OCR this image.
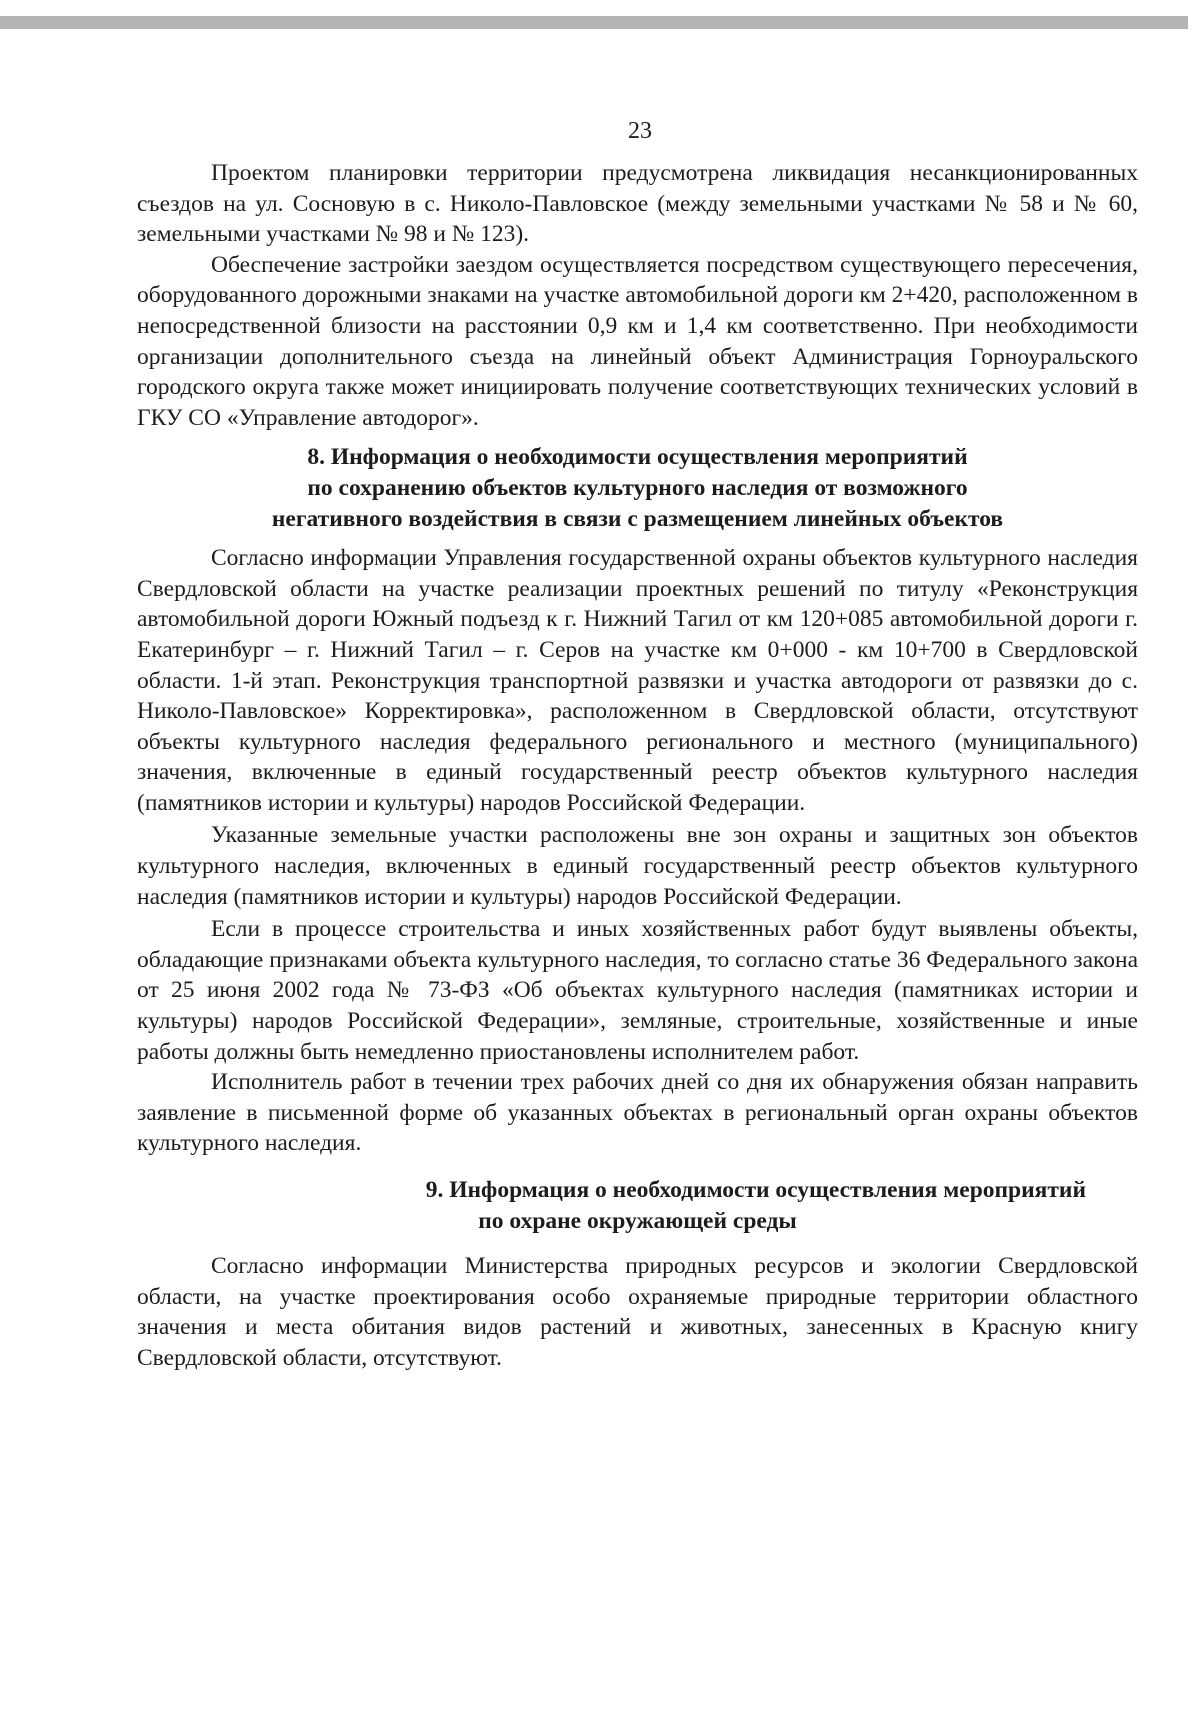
23

Проектом планировки территории предусмотрена ликвидация несанкционированных съездов на ул. Сосновую в с. Николо-Павловское (между земельными участками № 58 и № 60, земельными участками № 98 и № 123).

Обеспечение застройки заездом осуществляется посредством существующего пересечения, оборудованного дорожными знаками на участке автомобильной дороги км 2+420, расположенном в непосредственной близости на расстоянии 0,9 км и 1,4 км соответственно. При необходимости организации дополнительного съезда на линейный объект Администрация Горноуральского городского округа также может инициировать получение соответствующих технических условий в ГКУ СО «Управление автодорог».

8. Информация о необходимости осуществления мероприятий
по сохранению объектов культурного наследия от возможного
негативного воздействия в связи с размещением линейных объектов

Согласно информации Управления государственной охраны объектов культурного наследия Свердловской области на участке реализации проектных решений по титулу «Реконструкция автомобильной дороги Южный подъезд к г. Нижний Тагил от км 120+085 автомобильной дороги г. Екатеринбург – г. Нижний Тагил – г. Серов на участке км 0+000 - км 10+700 в Свердловской области. 1-й этап. Реконструкция транспортной развязки и участка автодороги от развязки до с. Николо-Павловское» Корректировка», расположенном в Свердловской области, отсутствуют объекты культурного наследия федерального регионального и местного (муниципального) значения, включенные в единый государственный реестр объектов культурного наследия (памятников истории и культуры) народов Российской Федерации.

Указанные земельные участки расположены вне зон охраны и защитных зон объектов культурного наследия, включенных в единый государственный реестр объектов культурного наследия (памятников истории и культуры) народов Российской Федерации.

Если в процессе строительства и иных хозяйственных работ будут выявлены объекты, обладающие признаками объекта культурного наследия, то согласно статье 36 Федерального закона от 25 июня 2002 года № 73-ФЗ «Об объектах культурного наследия (памятниках истории и культуры) народов Российской Федерации», земляные, строительные, хозяйственные и иные работы должны быть немедленно приостановлены исполнителем работ.

Исполнитель работ в течении трех рабочих дней со дня их обнаружения обязан направить заявление в письменной форме об указанных объектах в региональный орган охраны объектов культурного наследия.

9. Информация о необходимости осуществления мероприятий
по охране окружающей среды

Согласно информации Министерства природных ресурсов и экологии Свердловской области, на участке проектирования особо охраняемые природные территории областного значения и места обитания видов растений и животных, занесенных в Красную книгу Свердловской области, отсутствуют.
